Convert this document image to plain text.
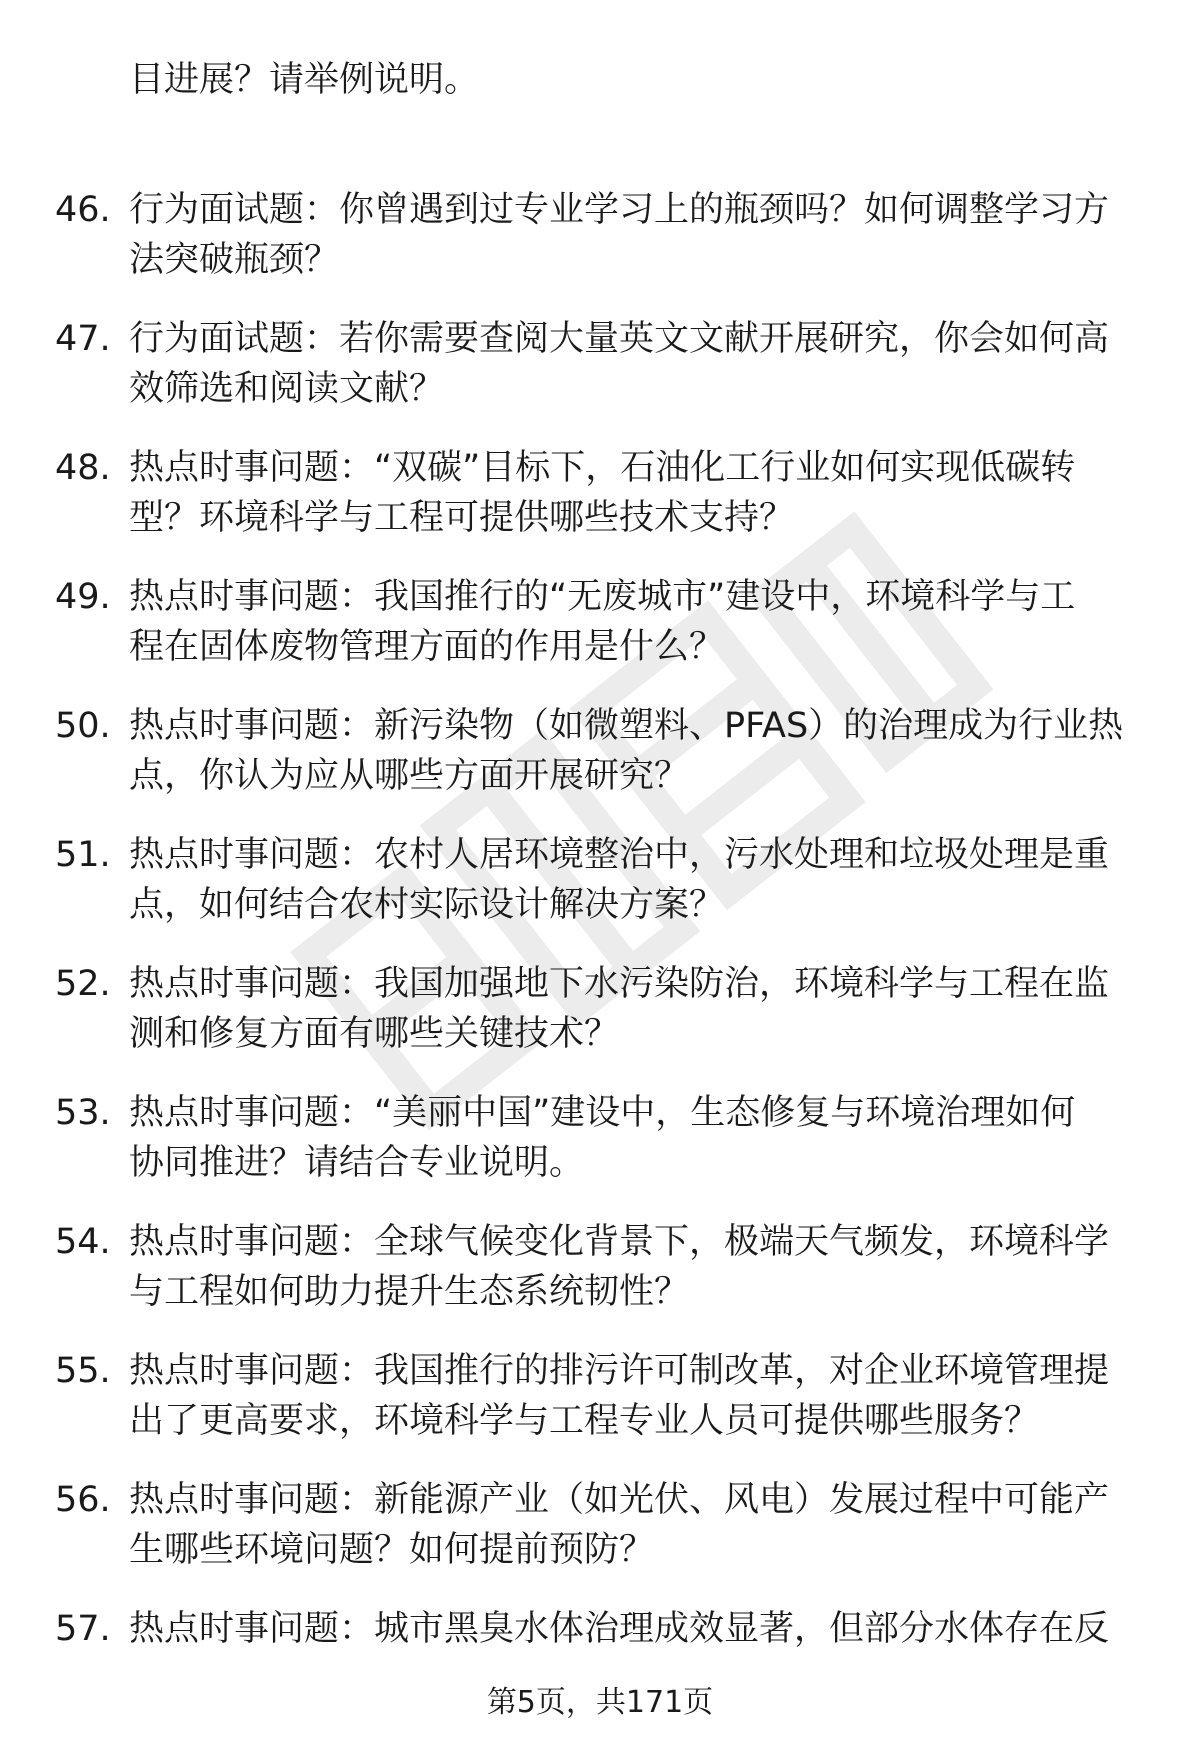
目进展？请举例说明。
46. 行为面试题：你曾遇到过专业学习上的瓶颈吗？如何调整学习方
法突破瓶颈？
47. 行为面试题：若你需要查阅大量英文文献开展研究，你会如何高
效筛选和阅读文献？
48. 热点时事问题：“双碳”目标下，石油化工行业如何实现低碳转
型？环境科学与工程可提供哪些技术支持？
49. 热点时事问题：我国推行的“无废城市”建设中，环境科学与工
程在固体废物管理方面的作用是什么？
50. 热点时事问题：新污染物（如微塑料、PFAS）的治理成为行业热
点，你认为应从哪些方面开展研究？
51. 热点时事问题：农村人居环境整治中，污水处理和垃圾处理是重
点，如何结合农村实际设计解决方案？
52. 热点时事问题：我国加强地下水污染防治，环境科学与工程在监
测和修复方面有哪些关键技术？
53. 热点时事问题：“美丽中国”建设中，生态修复与环境治理如何
协同推进？请结合专业说明。
54. 热点时事问题：全球气候变化背景下，极端天气频发，环境科学
与工程如何助力提升生态系统韧性？
55. 热点时事问题：我国推行的排污许可制改革，对企业环境管理提
出了更高要求，环境科学与工程专业人员可提供哪些服务？
56. 热点时事问题：新能源产业（如光伏、风电）发展过程中可能产
生哪些环境问题？如何提前预防？
57. 热点时事问题：城市黑臭水体治理成效显著，但部分水体存在反
第5页，共171页
